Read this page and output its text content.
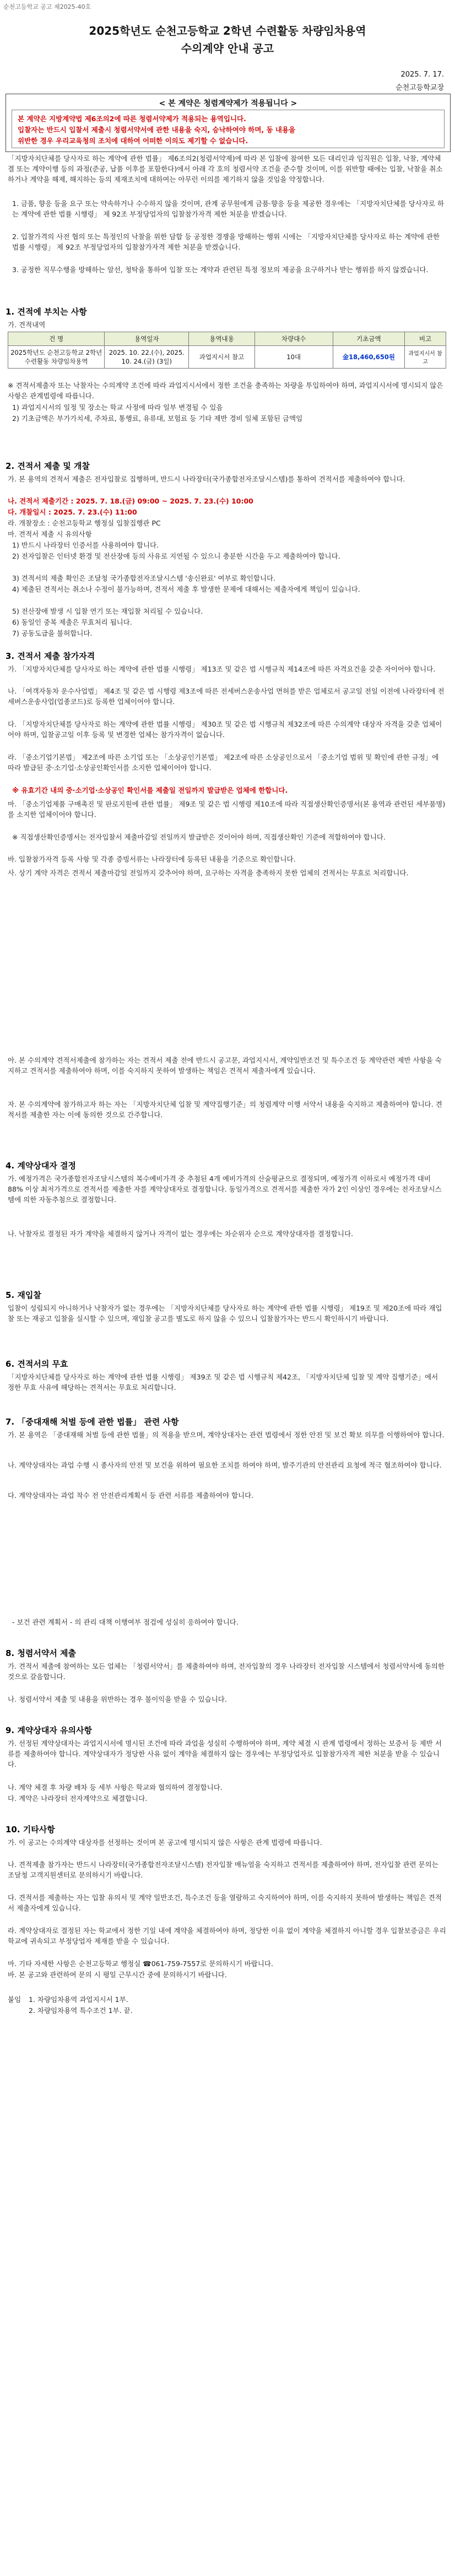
순천고등학교 공고 제2025-40호
2025학년도 순천고등학교 2학년 수련활동 차량임차용역
수의계약 안내 공고
2025. 7. 17.
순천고등학교장
< 본 계약은 청렴계약제가 적용됩니다 >
본 계약은 지방계약법 제6조의2에 따른 청렴서약제가 적용되는 용역입니다.
입찰자는 반드시 입찰서 제출시 청렴서약서에 관한 내용을 숙지, 승낙하여야 하며, 동 내용을
위반한 경우 우리교육청의 조치에 대하여 어떠한 이의도 제기할 수 없습니다.
「지방자치단체를 당사자로 하는 계약에 관한 법률」 제6조의2(청렴서약제)에 따라 본 입찰에 참여한 모든 대리인과 임직원은 입찰, 낙찰, 계약체결 또는 계약이행 등의 과정(준공, 납품 이후를 포함한다)에서 아래 각 호의 청렴서약 조건을 준수할 것이며, 이를 위반할 때에는 입찰, 낙찰을 취소하거나 계약을 해제, 해지하는 등의 제재조치에 대하여는 아무런 이의를 제기하지 않을 것임을 약정합니다.
1. 금품, 향응 등을 요구 또는 약속하거나 수수하지 않을 것이며, 관계 공무원에게 금품·향응 등을 제공한 경우에는 「지방자치단체를 당사자로 하는 계약에 관한 법률 시행령」 제 92조 부정당업자의 입찰참가자격 제한 처분을 받겠습니다.
2. 입찰가격의 사전 협의 또는 특정인의 낙찰을 위한 담합 등 공정한 경쟁을 방해하는 행위 시에는 「지방자치단체를 당사자로 하는 계약에 관한 법률 시행령」 제 92조 부정당업자의 입찰참가자격 제한 처분을 받겠습니다.
3. 공정한 직무수행을 방해하는 알선, 청탁을 통하여 입찰 또는 계약과 관련된 특정 정보의 제공을 요구하거나 받는 행위를 하지 않겠습니다.
1. 견적에 부치는 사항
가. 견적내역
건 명	용역일자	용역내용	차량대수	기초금액	비고
2025학년도 순천고등학교 2학년 수련활동 차량임차용역	2025. 10. 22.(수), 2025. 10. 24.(금) (3일)	과업지시서 참고	10대	金18,460,650원	과업지시서 참고
※ 견적서제출자 또는 낙찰자는 수의계약 조건에 따라 과업지시서에서 정한 조건을 충족하는 차량을 투입하여야 하며, 과업지시서에 명시되지 않은 사항은 관계법령에 따릅니다.
1) 과업지시서의 일정 및 장소는 학교 사정에 따라 일부 변경될 수 있음
2) 기초금액은 부가가치세, 주차료, 통행료, 유류대, 보험료 등 기타 제반 경비 일체 포함된 금액임
2. 견적서 제출 및 개찰
가. 본 용역의 견적서 제출은 전자입찰로 집행하며, 반드시 나라장터(국가종합전자조달시스템)를 통하여 견적서를 제출하여야 합니다.
나. 견적서 제출기간 : 2025. 7. 18.(금) 09:00 ~ 2025. 7. 23.(수) 10:00
다. 개찰일시 : 2025. 7. 23.(수) 11:00
라. 개찰장소 : 순천고등학교 행정실 입찰집행관 PC
마. 견적서 제출 시 유의사항
1) 반드시 나라장터 인증서를 사용하여야 합니다.
2) 전자입찰은 인터넷 환경 및 전산장애 등의 사유로 지연될 수 있으니 충분한 시간을 두고 제출하여야 합니다.
3) 견적서의 제출 확인은 조달청 국가종합전자조달시스템 '송신완료' 여부로 확인합니다.
4) 제출된 견적서는 취소나 수정이 불가능하며, 견적서 제출 후 발생한 문제에 대해서는 제출자에게 책임이 있습니다.
5) 전산장애 발생 시 입찰 연기 또는 재입찰 처리될 수 있습니다.
6) 동일인 중복 제출은 무효처리 됩니다.
7) 공동도급을 불허합니다.
3. 견적서 제출 참가자격
가. 「지방자치단체를 당사자로 하는 계약에 관한 법률 시행령」 제13조 및 같은 법 시행규칙 제14조에 따른 자격요건을 갖춘 자이어야 합니다.
나. 「여객자동차 운수사업법」 제4조 및 같은 법 시행령 제3조에 따른 전세버스운송사업 면허를 받은 업체로서 공고일 전일 이전에 나라장터에 전세버스운송사업(업종코드)로 등록한 업체이어야 합니다.
다. 「지방자치단체를 당사자로 하는 계약에 관한 법률 시행령」 제30조 및 같은 법 시행규칙 제32조에 따른 수의계약 대상자 자격을 갖춘 업체이어야 하며, 입찰공고일 이후 등록 및 변경한 업체는 참가자격이 없습니다.
라. 「중소기업기본법」 제2조에 따른 소기업 또는 「소상공인기본법」 제2조에 따른 소상공인으로서 「중소기업 범위 및 확인에 관한 규정」에 따라 발급된 중·소기업·소상공인확인서를 소지한 업체이어야 합니다.
※ 유효기간 내의 중·소기업·소상공인 확인서를 제출일 전일까지 발급받은 업체에 한합니다.
마. 「중소기업제품 구매촉진 및 판로지원에 관한 법률」 제9조 및 같은 법 시행령 제10조에 따라 직접생산확인증명서(본 용역과 관련된 세부품명)를 소지한 업체이어야 합니다.
※ 직접생산확인증명서는 전자입찰서 제출마감일 전일까지 발급받은 것이어야 하며, 직접생산확인 기준에 적합하여야 합니다.
바. 입찰참가자격 등록 사항 및 각종 증빙서류는 나라장터에 등록된 내용을 기준으로 확인합니다.
사. 상기 계약 자격은 견적서 제출마감일 전일까지 갖추어야 하며, 요구하는 자격을 충족하지 못한 업체의 견적서는 무효로 처리합니다.
아. 본 수의계약 견적서제출에 참가하는 자는 견적서 제출 전에 반드시 공고문, 과업지시서, 계약일반조건 및 특수조건 등 계약관련 제반 사항을 숙지하고 견적서를 제출하여야 하며, 이를 숙지하지 못하여 발생하는 책임은 견적서 제출자에게 있습니다.
자. 본 수의계약에 참가하고자 하는 자는 「지방자치단체 입찰 및 계약집행기준」의 청렴계약 이행 서약서 내용을 숙지하고 제출하여야 합니다. 견적서를 제출한 자는 이에 동의한 것으로 간주합니다.
4. 계약상대자 결정
가. 예정가격은 국가종합전자조달시스템의 복수예비가격 중 추첨된 4개 예비가격의 산술평균으로 결정되며, 예정가격 이하로서 예정가격 대비 88% 이상 최저가격으로 견적서를 제출한 자를 계약상대자로 결정합니다. 동일가격으로 견적서를 제출한 자가 2인 이상인 경우에는 전자조달시스템에 의한 자동추첨으로 결정합니다.
나. 낙찰자로 결정된 자가 계약을 체결하지 않거나 자격이 없는 경우에는 차순위자 순으로 계약상대자를 결정합니다.
5. 재입찰
입찰이 성립되지 아니하거나 낙찰자가 없는 경우에는 「지방자치단체를 당사자로 하는 계약에 관한 법률 시행령」 제19조 및 제20조에 따라 재입찰 또는 재공고 입찰을 실시할 수 있으며, 재입찰 공고를 별도로 하지 않을 수 있으니 입찰참가자는 반드시 확인하시기 바랍니다.
6. 견적서의 무효
「지방자치단체를 당사자로 하는 계약에 관한 법률 시행령」 제39조 및 같은 법 시행규칙 제42조, 「지방자치단체 입찰 및 계약 집행기준」에서 정한 무효 사유에 해당하는 견적서는 무효로 처리합니다.
7. 「중대재해 처벌 등에 관한 법률」 관련 사항
가. 본 용역은 「중대재해 처벌 등에 관한 법률」의 적용을 받으며, 계약상대자는 관련 법령에서 정한 안전 및 보건 확보 의무를 이행하여야 합니다.
나. 계약상대자는 과업 수행 시 종사자의 안전 및 보건을 위하여 필요한 조치를 하여야 하며, 발주기관의 안전관리 요청에 적극 협조하여야 합니다.
다. 계약상대자는 과업 착수 전 안전관리계획서 등 관련 서류를 제출하여야 합니다.
- 보건 관련 계획서 - 의 관리 대책 이행여부 점검에 성실히 응하여야 합니다.
8. 청렴서약서 제출
가. 견적서 제출에 참여하는 모든 업체는 「청렴서약서」를 제출하여야 하며, 전자입찰의 경우 나라장터 전자입찰 시스템에서 청렴서약서에 동의한 것으로 갈음합니다.
나. 청렴서약서 제출 및 내용을 위반하는 경우 불이익을 받을 수 있습니다.
9. 계약상대자 유의사항
가. 선정된 계약상대자는 과업지시서에 명시된 조건에 따라 과업을 성실히 수행하여야 하며, 계약 체결 시 관계 법령에서 정하는 보증서 등 제반 서류를 제출하여야 합니다. 계약상대자가 정당한 사유 없이 계약을 체결하지 않는 경우에는 부정당업자로 입찰참가자격 제한 처분을 받을 수 있습니다.
나. 계약 체결 후 차량 배차 등 세부 사항은 학교와 협의하여 결정합니다.
다. 계약은 나라장터 전자계약으로 체결합니다.
10. 기타사항
가. 이 공고는 수의계약 대상자를 선정하는 것이며 본 공고에 명시되지 않은 사항은 관계 법령에 따릅니다.
나. 견적제출 참가자는 반드시 나라장터(국가종합전자조달시스템) 전자입찰 매뉴얼을 숙지하고 견적서를 제출하여야 하며, 전자입찰 관련 문의는 조달청 고객지원센터로 문의하시기 바랍니다.
다. 견적서를 제출하는 자는 입찰 유의서 및 계약 일반조건, 특수조건 등을 열람하고 숙지하여야 하며, 이를 숙지하지 못하여 발생하는 책임은 견적서 제출자에게 있습니다.
라. 계약상대자로 결정된 자는 학교에서 정한 기일 내에 계약을 체결하여야 하며, 정당한 이유 없이 계약을 체결하지 아니할 경우 입찰보증금은 우리 학교에 귀속되고 부정당업자 제재를 받을 수 있습니다.
마. 기타 자세한 사항은 순천고등학교 행정실 ☎061-759-7557로 문의하시기 바랍니다.
바. 본 공고와 관련하여 문의 시 평일 근무시간 중에 문의하시기 바랍니다.
붙임 1. 차량임차용역 과업지시서 1부.
2. 차량임차용역 특수조건 1부. 끝.
